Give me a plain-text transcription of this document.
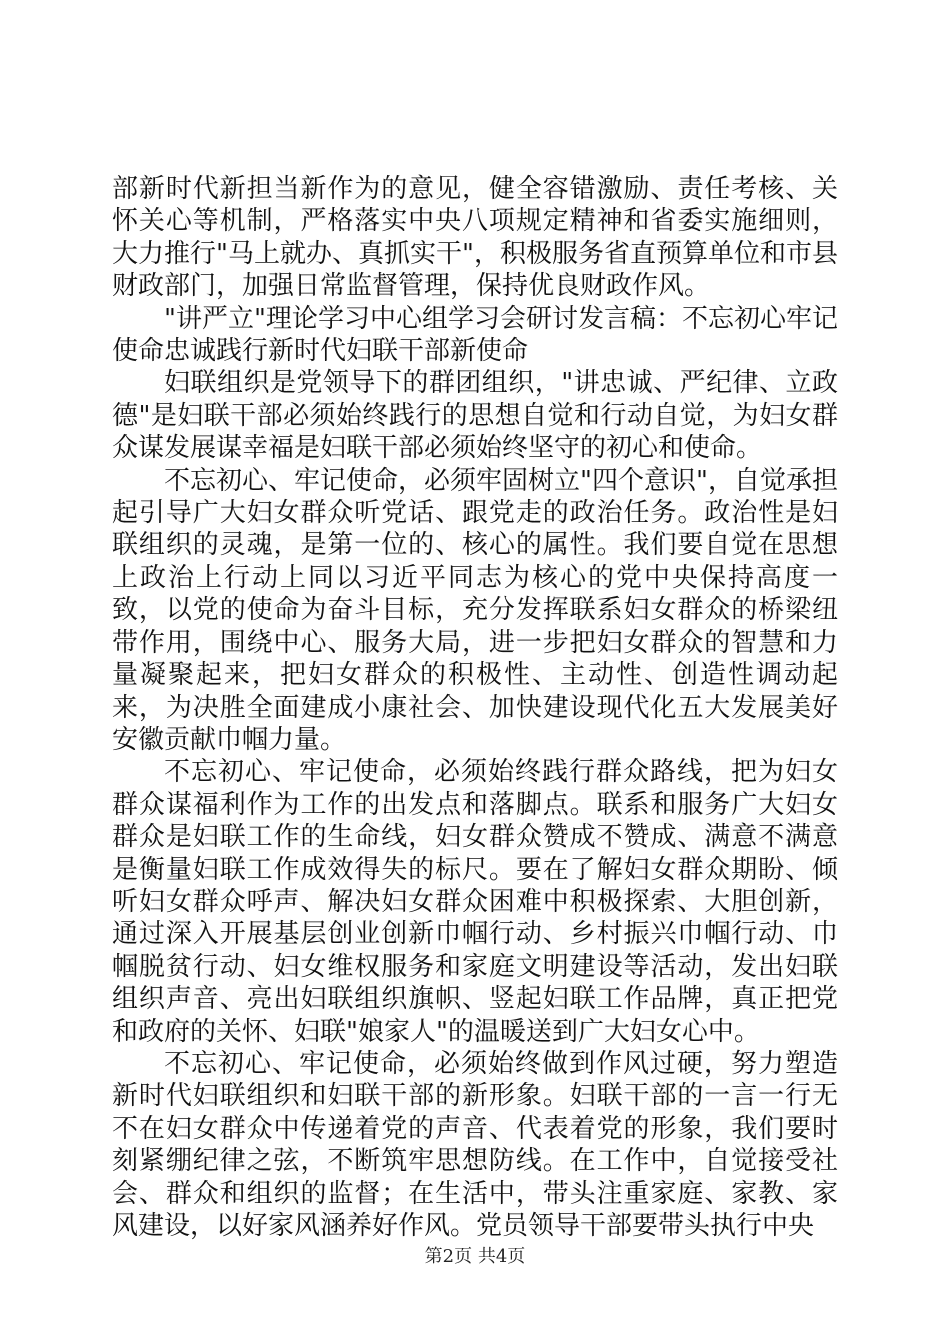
部新时代新担当新作为的意见，健全容错激励、责任考核、关怀关心等机制，严格落实中央八项规定精神和省委实施细则，大力推行"马上就办、真抓实干"，积极服务省直预算单位和市县财政部门，加强日常监督管理，保持优良财政作风。

"讲严立"理论学习中心组学习会研讨发言稿：不忘初心牢记使命忠诚践行新时代妇联干部新使命

妇联组织是党领导下的群团组织，"讲忠诚、严纪律、立政德"是妇联干部必须始终践行的思想自觉和行动自觉，为妇女群众谋发展谋幸福是妇联干部必须始终坚守的初心和使命。

不忘初心、牢记使命，必须牢固树立"四个意识"，自觉承担起引导广大妇女群众听党话、跟党走的政治任务。政治性是妇联组织的灵魂，是第一位的、核心的属性。我们要自觉在思想上政治上行动上同以习近平同志为核心的党中央保持高度一致，以党的使命为奋斗目标，充分发挥联系妇女群众的桥梁纽带作用，围绕中心、服务大局，进一步把妇女群众的智慧和力量凝聚起来，把妇女群众的积极性、主动性、创造性调动起来，为决胜全面建成小康社会、加快建设现代化五大发展美好安徽贡献巾帼力量。

不忘初心、牢记使命，必须始终践行群众路线，把为妇女群众谋福利作为工作的出发点和落脚点。联系和服务广大妇女群众是妇联工作的生命线，妇女群众赞成不赞成、满意不满意是衡量妇联工作成效得失的标尺。要在了解妇女群众期盼、倾听妇女群众呼声、解决妇女群众困难中积极探索、大胆创新，通过深入开展基层创业创新巾帼行动、乡村振兴巾帼行动、巾帼脱贫行动、妇女维权服务和家庭文明建设等活动，发出妇联组织声音、亮出妇联组织旗帜、竖起妇联工作品牌，真正把党和政府的关怀、妇联"娘家人"的温暖送到广大妇女心中。

不忘初心、牢记使命，必须始终做到作风过硬，努力塑造新时代妇联组织和妇联干部的新形象。妇联干部的一言一行无不在妇女群众中传递着党的声音、代表着党的形象，我们要时刻紧绷纪律之弦，不断筑牢思想防线。在工作中，自觉接受社会、群众和组织的监督；在生活中，带头注重家庭、家教、家风建设，以好家风涵养好作风。党员领导干部要带头执行中央

第2页 共4页
